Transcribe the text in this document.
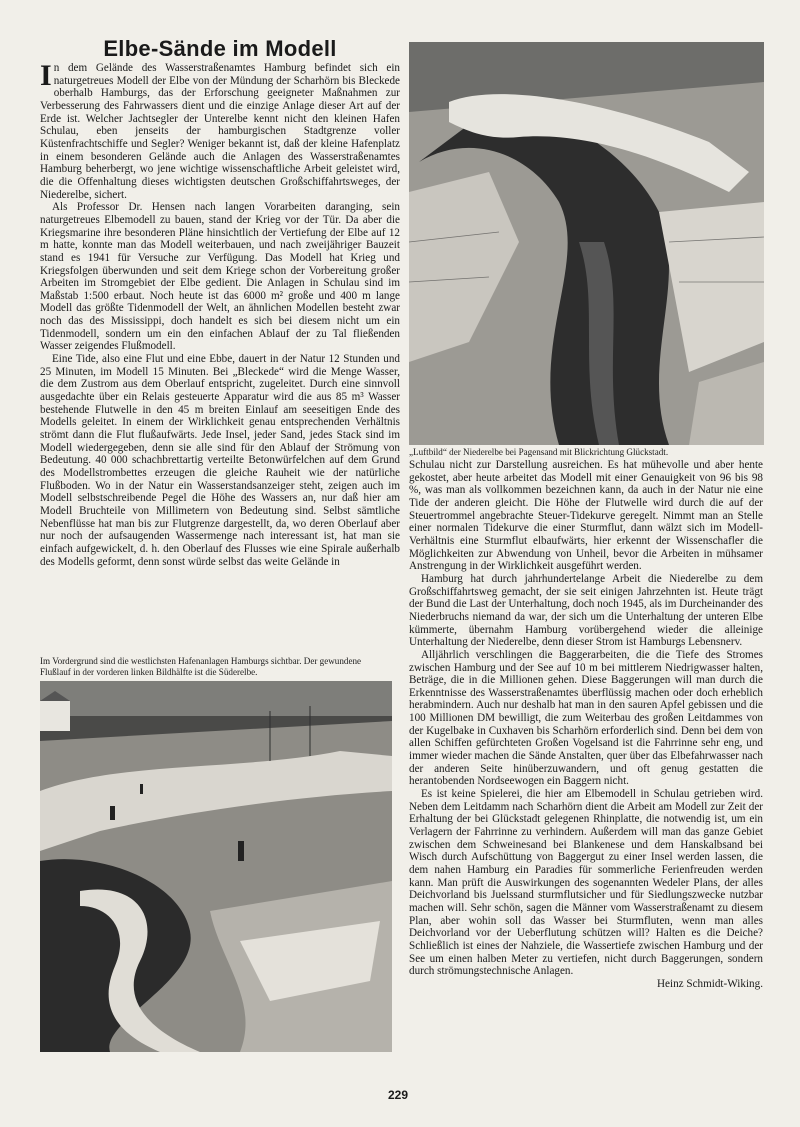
Elbe-Sände im Modell

In dem Gelände des Wasserstraßenamtes Hamburg befindet sich ein naturgetreues Modell der Elbe von der Mündung der Scharhörn bis Bleckede oberhalb Hamburgs, das der Erforschung geeigneter Maßnahmen zur Verbesserung des Fahrwassers dient und die einzige Anlage dieser Art auf der Erde ist. Welcher Jachtsegler der Unterelbe kennt nicht den kleinen Hafen Schulau, eben jenseits der hamburgischen Stadtgrenze voller Küstenfrachtschiffe und Segler? Weniger bekannt ist, daß der kleine Hafenplatz in einem besonderen Gelände auch die Anlagen des Wasserstraßenamtes Hamburg beherbergt, wo jene wichtige wissenschaftliche Arbeit geleistet wird, die die Offenhaltung dieses wichtigsten deutschen Großschiffahrtsweges, der Niederelbe, sichert.

Als Professor Dr. Hensen nach langen Vorarbeiten daranging, sein naturgetreues Elbemodell zu bauen, stand der Krieg vor der Tür. Da aber die Kriegsmarine ihre besonderen Pläne hinsichtlich der Vertiefung der Elbe auf 12 m hatte, konnte man das Modell weiterbauen, und nach zweijähriger Bauzeit stand es 1941 für Versuche zur Verfügung. Das Modell hat Krieg und Kriegsfolgen überwunden und seit dem Kriege schon der Vorbereitung großer Arbeiten im Stromgebiet der Elbe gedient. Die Anlagen in Schulau sind im Maßstab 1:500 erbaut. Noch heute ist das 6000 m² große und 400 m lange Modell das größte Tidenmodell der Welt, an ähnlichen Modellen besteht zwar noch das des Mississippi, doch handelt es sich bei diesem nicht um ein Tidenmodell, sondern um ein den einfachen Ablauf der zu Tal fließenden Wasser zeigendes Flußmodell.

Eine Tide, also eine Flut und eine Ebbe, dauert in der Natur 12 Stunden und 25 Minuten, im Modell 15 Minuten. Bei „Bleckede“ wird die Menge Wasser, die dem Zustrom aus dem Oberlauf entspricht, zugeleitet. Durch eine sinnvoll ausgedachte über ein Relais gesteuerte Apparatur wird die aus 85 m³ Wasser bestehende Flutwelle in den 45 m breiten Einlauf am seeseitigen Ende des Modells geleitet. In einem der Wirklichkeit genau entsprechenden Verhältnis strömt dann die Flut flußaufwärts. Jede Insel, jeder Sand, jedes Stack sind im Modell wiedergegeben, denn sie alle sind für den Ablauf der Strömung von Bedeutung. 40 000 schachbrettartig verteilte Betonwürfelchen auf dem Grund des Modellstrombettes erzeugen die gleiche Rauheit wie der natürliche Flußboden. Wo in der Natur ein Wasserstandsanzeiger steht, zeigen auch im Modell selbstschreibende Pegel die Höhe des Wassers an, nur daß hier am Modell Bruchteile von Millimetern von Bedeutung sind. Selbst sämtliche Nebenflüsse hat man bis zur Flutgrenze dargestellt, da, wo deren Oberlauf aber nur noch der aufsaugenden Wassermenge nach interessant ist, hat man sie einfach aufgewickelt, d. h. den Oberlauf des Flusses wie eine Spirale außerhalb des Modells geformt, denn sonst würde selbst das weite Gelände in

„Luftbild“ der Niederelbe bei Pagensand mit Blickrichtung Glückstadt.

Schulau nicht zur Darstellung ausreichen. Es hat mühevolle und aber hente gekostet, aber heute arbeitet das Modell mit einer Genauigkeit von 96 bis 98 %, was man als vollkommen bezeichnen kann, da auch in der Natur nie eine Tide der anderen gleicht. Die Höhe der Flutwelle wird durch die auf der Steuertrommel angebrachte Steuer-Tidekurve geregelt. Nimmt man an Stelle einer normalen Tidekurve die einer Sturmflut, dann wälzt sich im Modell-Verhältnis eine Sturmflut elbaufwärts, hier erkennt der Wissenschafler die Möglichkeiten zur Abwendung von Unheil, bevor die Arbeiten in mühsamer Anstrengung in der Wirklichkeit ausgeführt werden.

Hamburg hat durch jahrhundertelange Arbeit die Niederelbe zu dem Großschiffahrtsweg gemacht, der sie seit einigen Jahrzehnten ist. Heute trägt der Bund die Last der Unterhaltung, doch noch 1945, als im Durcheinander des Niederbruchs niemand da war, der sich um die Unterhaltung der unteren Elbe kümmerte, übernahm Hamburg vorübergehend wieder die alleinige Unterhaltung der Niederelbe, denn dieser Strom ist Hamburgs Lebensnerv.

Alljährlich verschlingen die Baggerarbeiten, die die Tiefe des Stromes zwischen Hamburg und der See auf 10 m bei mittlerem Niedrigwasser halten, Beträge, die in die Millionen gehen. Diese Baggerungen will man durch die Erkenntnisse des Wasserstraßenamtes überflüssig machen oder doch erheblich herabmindern. Auch nur deshalb hat man in den sauren Apfel gebissen und die 100 Millionen DM bewilligt, die zum Weiterbau des großen Leitdammes von der Kugelbake in Cuxhaven bis Scharhörn erforderlich sind. Denn bei dem von allen Schiffen gefürchteten Großen Vogelsand ist die Fahrrinne sehr eng, und immer wieder machen die Sände Anstalten, quer über das Elbefahrwasser nach der anderen Seite hinüberzuwandern, und oft genug gestatten die herantobenden Nordseewogen ein Baggern nicht.

Es ist keine Spielerei, die hier am Elbemodell in Schulau getrieben wird. Neben dem Leitdamm nach Scharhörn dient die Arbeit am Modell zur Zeit der Erhaltung der bei Glückstadt gelegenen Rhinplatte, die notwendig ist, um ein Verlagern der Fahrrinne zu verhindern. Außerdem will man das ganze Gebiet zwischen dem Schweinesand bei Blankenese und dem Hanskalbsand bei Wisch durch Aufschüttung von Baggergut zu einer Insel werden lassen, die dem nahen Hamburg ein Paradies für sommerliche Ferienfreuden werden kann. Man prüft die Auswirkungen des sogenannten Wedeler Plans, der alles Deichvorland bis Juelssand sturmflutsicher und für Siedlungszwecke nutzbar machen will. Sehr schön, sagen die Männer vom Wasserstraßenamt zu diesem Plan, aber wohin soll das Wasser bei Sturmfluten, wenn man alles Deichvorland vor der Ueberflutung schützen will? Halten es die Deiche? Schließlich ist eines der Nahziele, die Wassertiefe zwischen Hamburg und der See um einen halben Meter zu vertiefen, nicht durch Baggerungen, sondern durch strömungstechnische Anlagen.

Heinz Schmidt-Wiking.

Im Vordergrund sind die westlichsten Hafenanlagen Hamburgs sichtbar. Der gewundene Flußlauf in der vorderen linken Bildhälfte ist die Süderelbe.
229
